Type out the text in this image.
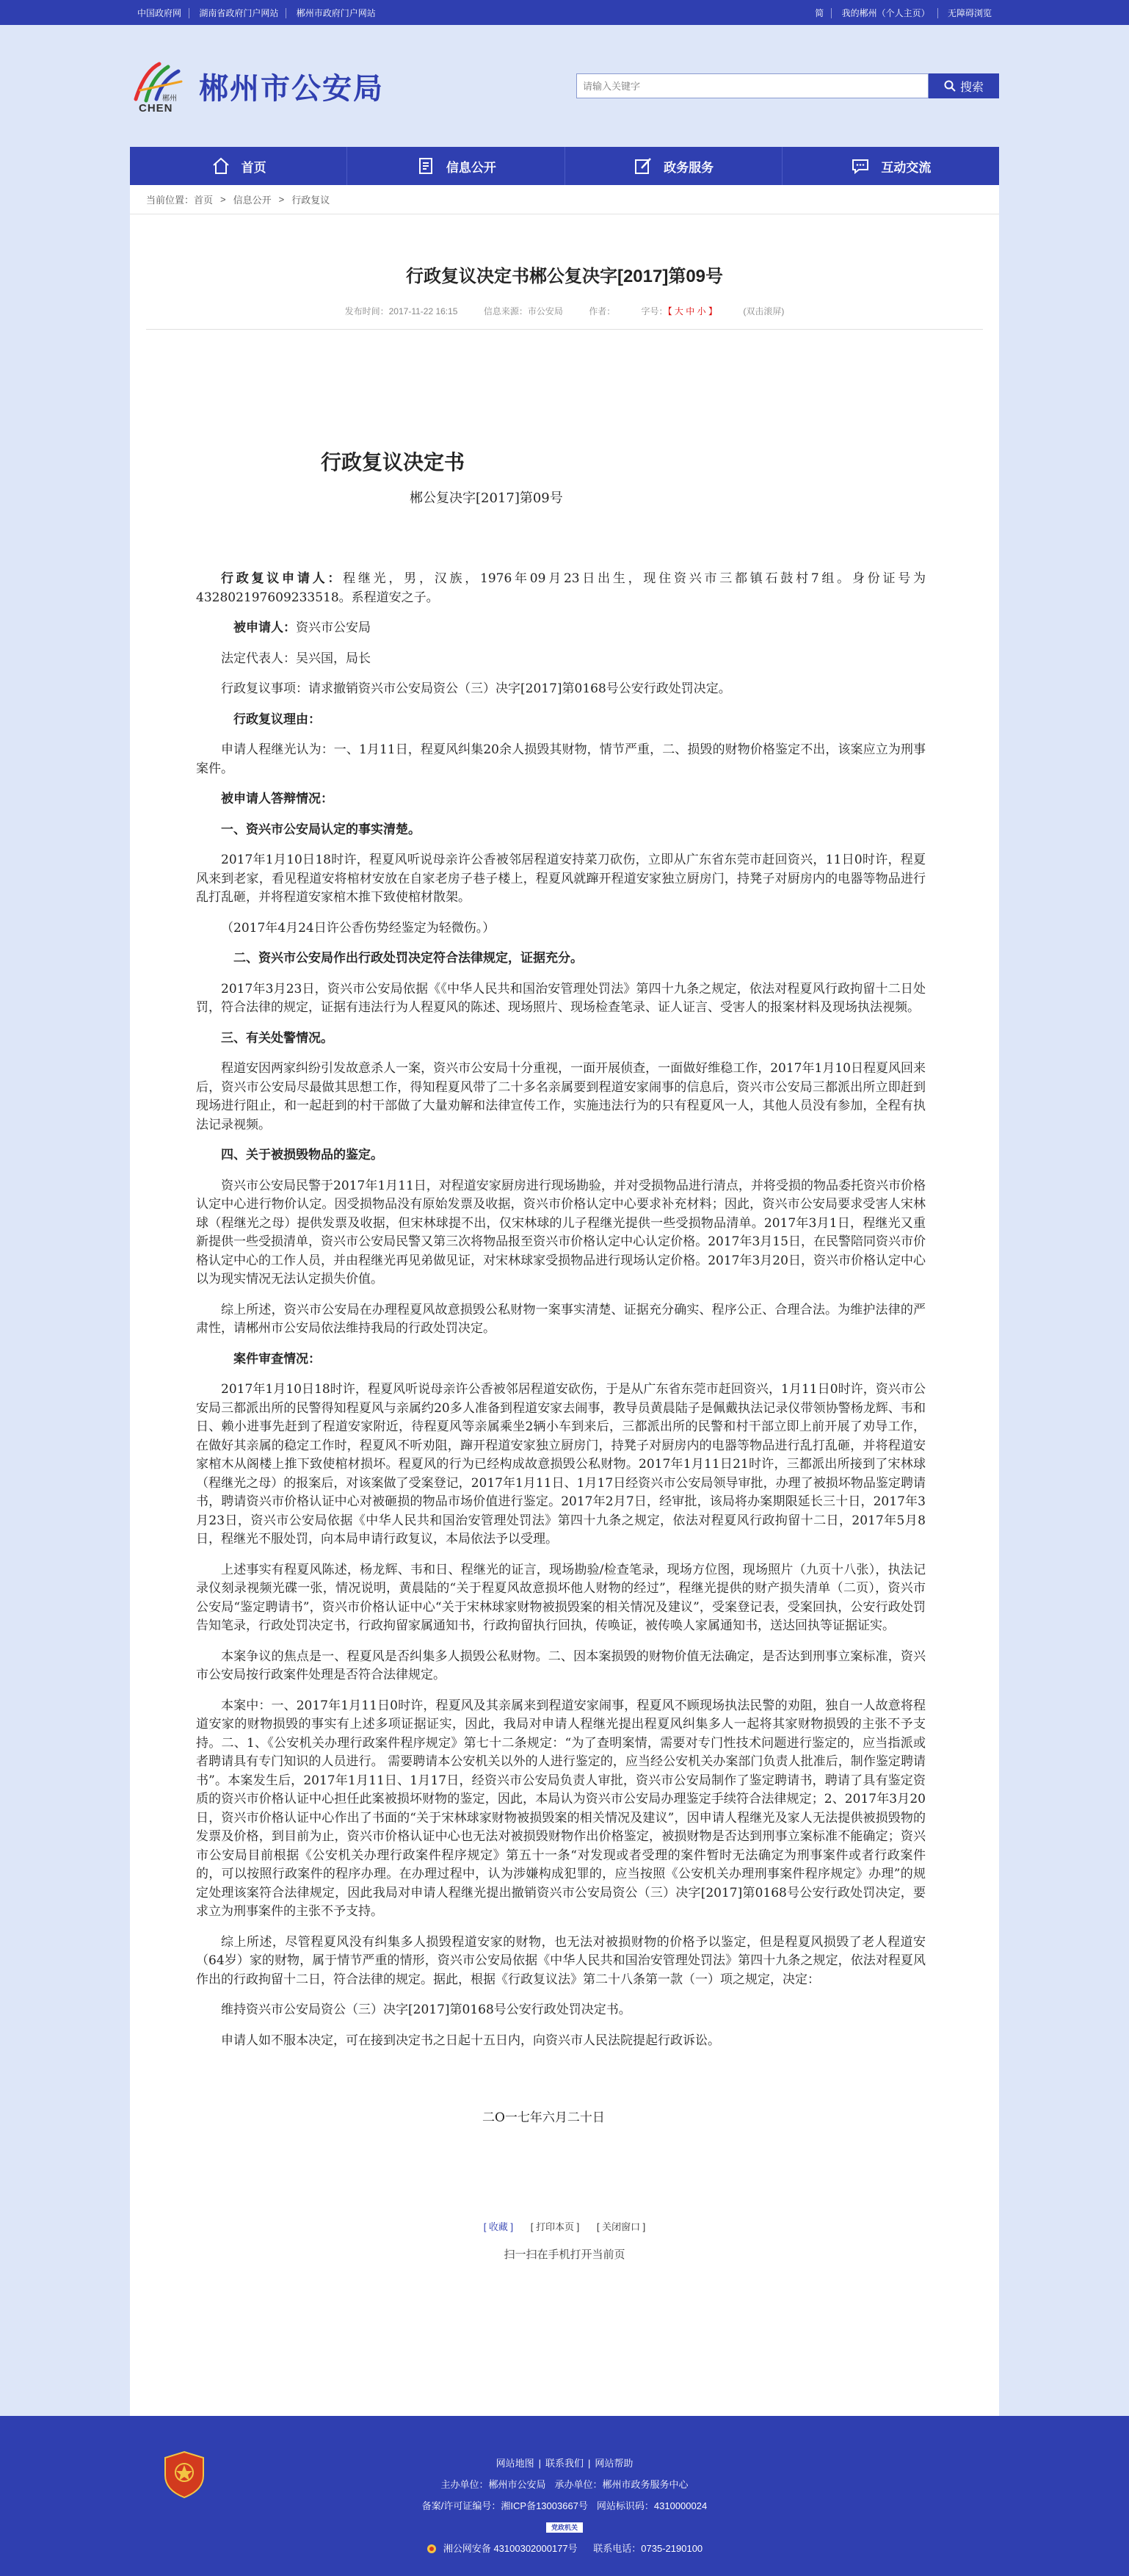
中国政府网 湖南省政府门户网站 郴州市政府门户网站	简 我的郴州（个人主页） 无障碍浏览
郴州
CHEN
郴州市公安局
请输入关键字	搜索
首页	信息公开	政务服务	互动交流
当前位置： 首页 > 信息公开 > 行政复议
行政复议决定书郴公复决字[2017]第09号
发布时间：2017-11-22 16:15	信息来源：市公安局	作者：	字号：【 大 中 小 】	(双击滚屏)
行政复议决定书
郴公复决字[2017]第09号

行政复议申请人：程继光，男，汉族，1976年09月23日出生，现住资兴市三都镇石鼓村7组。身份证号为432802197609233518。系程道安之子。

被申请人：资兴市公安局

法定代表人：吴兴国，局长

行政复议事项：请求撤销资兴市公安局资公（三）决字[2017]第0168号公安行政处罚决定。

行政复议理由：

申请人程继光认为：一、1月11日，程夏风纠集20余人损毁其财物，情节严重，二、损毁的财物价格鉴定不出，该案应立为刑事案件。

被申请人答辩情况：

一、资兴市公安局认定的事实清楚。

2017年1月10日18时许，程夏风听说母亲许公香被邻居程道安持菜刀砍伤，立即从广东省东莞市赶回资兴，11日0时许，程夏风来到老家，看见程道安将棺材安放在自家老房子巷子楼上，程夏风就蹿开程道安家独立厨房门，持凳子对厨房内的电器等物品进行乱打乱砸，并将程道安家棺木推下致使棺材散架。

（2017年4月24日许公香伤势经鉴定为轻微伤。）

二、资兴市公安局作出行政处罚决定符合法律规定，证据充分。

2017年3月23日，资兴市公安局依据《《中华人民共和国治安管理处罚法》第四十九条之规定，依法对程夏风行政拘留十二日处罚，符合法律的规定，证据有违法行为人程夏风的陈述、现场照片、现场检查笔录、证人证言、受害人的报案材料及现场执法视频。

三、有关处警情况。

程道安因两家纠纷引发故意杀人一案，资兴市公安局十分重视，一面开展侦查，一面做好维稳工作，2017年1月10日程夏风回来后，资兴市公安局尽最做其思想工作，得知程夏风带了二十多名亲属要到程道安家闹事的信息后，资兴市公安局三都派出所立即赶到现场进行阻止，和一起赶到的村干部做了大量劝解和法律宣传工作，实施违法行为的只有程夏风一人，其他人员没有参加，全程有执法记录视频。

四、关于被损毁物品的鉴定。

资兴市公安局民警于2017年1月11日，对程道安家厨房进行现场勘验，并对受损物品进行清点，并将受损的物品委托资兴市价格认定中心进行物价认定。因受损物品没有原始发票及收据，资兴市价格认定中心要求补充材料；因此，资兴市公安局要求受害人宋林球（程继光之母）提供发票及收据，但宋林球提不出，仅宋林球的儿子程继光提供一些受损物品清单。2017年3月1日，程继光又重新提供一些受损清单，资兴市公安局民警又第三次将物品报至资兴市价格认定中心认定价格。2017年3月15日，在民警陪同资兴市价格认定中心的工作人员，并由程继光再见弟做见证，对宋林球家受损物品进行现场认定价格。2017年3月20日，资兴市价格认定中心以为现实情况无法认定损失价值。

综上所述，资兴市公安局在办理程夏风故意损毁公私财物一案事实清楚、证据充分确实、程序公正、合理合法。为维护法律的严肃性，请郴州市公安局依法维持我局的行政处罚决定。

案件审查情况：

2017年1月10日18时许，程夏风听说母亲许公香被邻居程道安砍伤，于是从广东省东莞市赶回资兴，1月11日0时许，资兴市公安局三都派出所的民警得知程夏风与亲属约20多人准备到程道安家去闹事，教导员黄晨陆子是佩戴执法记录仪带领协警杨龙辉、韦和日、赖小进事先赶到了程道安家附近，待程夏风等亲属乘坐2辆小车到来后，三都派出所的民警和村干部立即上前开展了劝导工作，在做好其亲属的稳定工作时，程夏风不听劝阻，蹿开程道安家独立厨房门，持凳子对厨房内的电器等物品进行乱打乱砸，并将程道安家棺木从阁楼上推下致使棺材损坏。程夏风的行为已经构成故意损毁公私财物。2017年1月11日21时许，三都派出所接到了宋林球（程继光之母）的报案后，对该案做了受案登记，2017年1月11日、1月17日经资兴市公安局领导审批，办理了被损坏物品鉴定聘请书，聘请资兴市价格认证中心对被砸损的物品市场价值进行鉴定。2017年2月7日，经审批，该局将办案期限延长三十日，2017年3月23日，资兴市公安局依据《中华人民共和国治安管理处罚法》第四十九条之规定，依法对程夏风行政拘留十二日，2017年5月8日，程继光不服处罚，向本局申请行政复议，本局依法予以受理。

上述事实有程夏风陈述，杨龙辉、韦和日、程继光的证言，现场勘验/检查笔录，现场方位图，现场照片（九页十八张），执法记录仪刻录视频光碟一张，情况说明，黄晨陆的“关于程夏风故意损坏他人财物的经过”，程继光提供的财产损失清单（二页），资兴市公安局“鉴定聘请书”，资兴市价格认证中心“关于宋林球家财物被损毁案的相关情况及建议”，受案登记表，受案回执，公安行政处罚告知笔录，行政处罚决定书，行政拘留家属通知书，行政拘留执行回执，传唤证，被传唤人家属通知书，送达回执等证据证实。

本案争议的焦点是一、程夏风是否纠集多人损毁公私财物。二、因本案损毁的财物价值无法确定，是否达到刑事立案标准，资兴市公安局按行政案件处理是否符合法律规定。

本案中：一、2017年1月11日0时许，程夏风及其亲属来到程道安家闹事，程夏风不顾现场执法民警的劝阻，独自一人故意将程道安家的财物损毁的事实有上述多项证据证实，因此，我局对申请人程继光提出程夏风纠集多人一起将其家财物损毁的主张不予支持。二、1、《公安机关办理行政案件程序规定》第七十二条规定：“为了查明案情，需要对专门性技术问题进行鉴定的，应当指派或者聘请具有专门知识的人员进行。 需要聘请本公安机关以外的人进行鉴定的，应当经公安机关办案部门负责人批准后，制作鉴定聘请书”。本案发生后，2017年1月11日、1月17日，经资兴市公安局负责人审批，资兴市公安局制作了鉴定聘请书，聘请了具有鉴定资质的资兴市价格认证中心担任此案被损坏财物的鉴定，因此，本局认为资兴市公安局办理鉴定手续符合法律规定；2、2017年3月20日，资兴市价格认证中心作出了书面的“关于宋林球家财物被损毁案的相关情况及建议”，因申请人程继光及家人无法提供被损毁物的发票及价格，到目前为止，资兴市价格认证中心也无法对被损毁财物作出价格鉴定，被损财物是否达到刑事立案标准不能确定；资兴市公安局目前根据《公安机关办理行政案件程序规定》第五十一条“对发现或者受理的案件暂时无法确定为刑事案件或者行政案件的，可以按照行政案件的程序办理。在办理过程中，认为涉嫌构成犯罪的，应当按照《公安机关办理刑事案件程序规定》办理”的规定处理该案符合法律规定，因此我局对申请人程继光提出撤销资兴市公安局资公（三）决字[2017]第0168号公安行政处罚决定，要求立为刑事案件的主张不予支持。

综上所述，尽管程夏风没有纠集多人损毁程道安家的财物，也无法对被损财物的价格予以鉴定，但是程夏风损毁了老人程道安（64岁）家的财物，属于情节严重的情形，资兴市公安局依据《中华人民共和国治安管理处罚法》第四十九条之规定，依法对程夏风作出的行政拘留十二日，符合法律的规定。据此，根据《行政复议法》第二十八条第一款（一）项之规定，决定：

维持资兴市公安局资公（三）决字[2017]第0168号公安行政处罚决定书。

申请人如不服本决定，可在接到决定书之日起十五日内，向资兴市人民法院提起行政诉讼。

二O一七年六月二十日

[ 收藏 ] [ 打印本页 ] [ 关闭窗口 ]
扫一扫在手机打开当前页
网站地图 | 联系我们 | 网站帮助
主办单位：郴州市公安局 承办单位：郴州市政务服务中心
备案/许可证编号：湘ICP备13003667号 网站标识码：4310000024
党政机关
湘公网安备 43100302000177号 联系电话：0735-2190100
